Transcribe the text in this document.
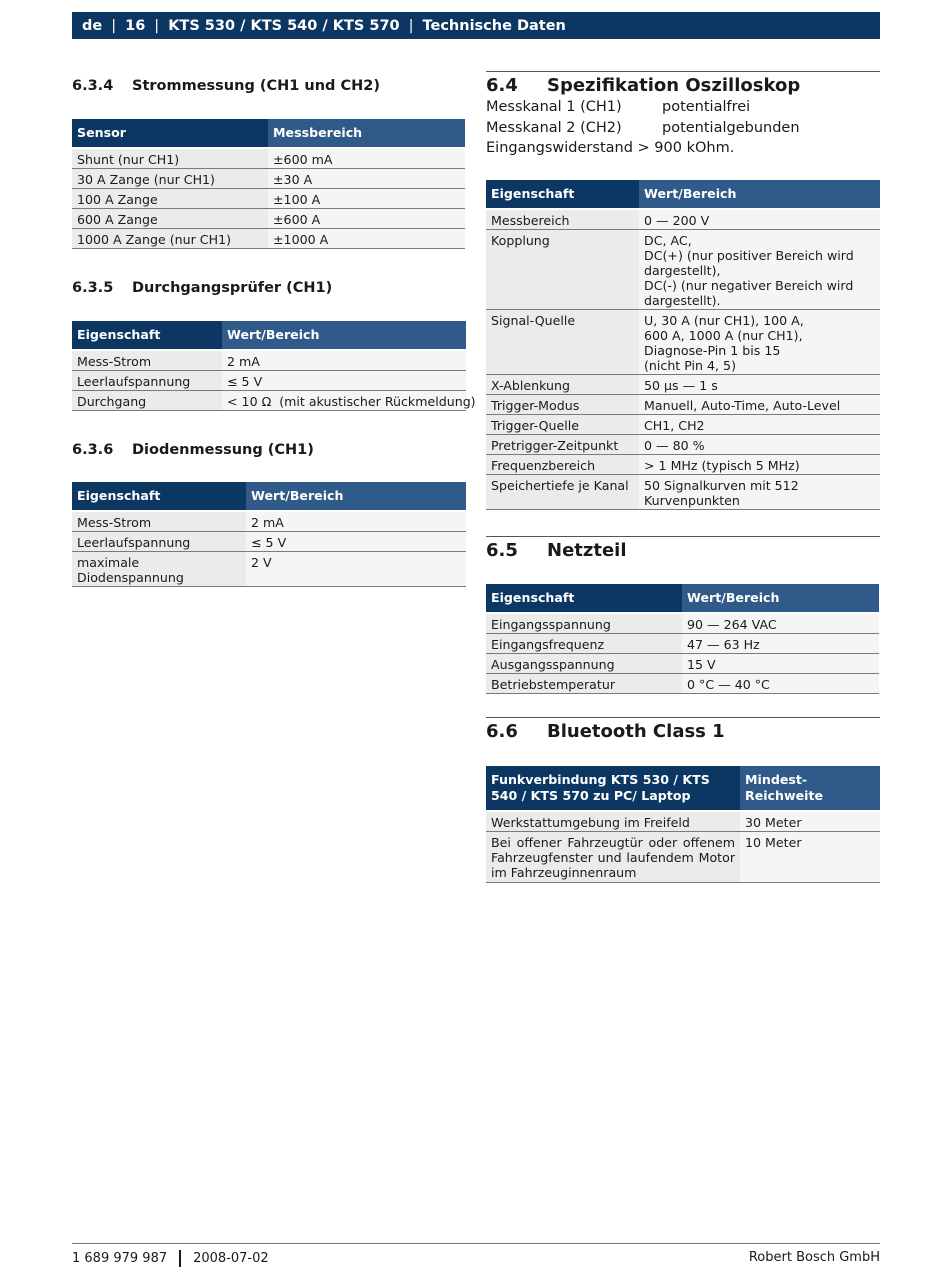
de | 16 | KTS 530 / KTS 540 / KTS 570 | Technische Daten
6.3.4 Strommessung (CH1 und CH2)
Sensor	Messbereich
Shunt (nur CH1)	±600 mA
30 A Zange (nur CH1)	±30 A
100 A Zange	±100 A
600 A Zange	±600 A
1000 A Zange (nur CH1)	±1000 A
6.3.5 Durchgangsprüfer (CH1)
Eigenschaft	Wert/Bereich
Mess-Strom	2 mA
Leerlaufspannung	≤ 5 V
Durchgang	< 10 Ω  (mit akustischer Rückmeldung)
6.3.6 Diodenmessung (CH1)
Eigenschaft	Wert/Bereich
Mess-Strom	2 mA
Leerlaufspannung	≤ 5 V
maximale Diodenspannung	2 V
6.4 Spezifikation Oszilloskop
Messkanal 1 (CH1)	potentialfrei
Messkanal 2 (CH2)	potentialgebunden
Eingangswiderstand > 900 kOhm.
Eigenschaft	Wert/Bereich
Messbereich	0 — 200 V

Kopplung	DC, AC,
DC(+) (nur positiver Bereich wird dargestellt),
DC(-) (nur negativer Bereich wird dargestellt).

Signal-Quelle	U, 30 A (nur CH1), 100 A,
600 A, 1000 A (nur CH1),
Diagnose-Pin 1 bis 15
(nicht Pin 4, 5)

X-Ablenkung	50 µs — 1 s

Trigger-Modus	Manuell, Auto-Time, Auto-Level

Trigger-Quelle	CH1, CH2

Pretrigger-Zeitpunkt	0 — 80 %

Frequenzbereich	> 1 MHz (typisch 5 MHz)

Speichertiefe je Kanal	50 Signalkurven mit 512 Kurvenpunkten
6.5 Netzteil
Eigenschaft	Wert/Bereich
Eingangsspannung	90 — 264 VAC
Eingangsfrequenz	47 — 63 Hz
Ausgangsspannung	15 V
Betriebstemperatur	0 °C — 40 °C
6.6 Bluetooth Class 1
Funkverbindung KTS 530 / KTS 540 / KTS 570 zu PC/ Laptop	Mindest-Reichweite
Werkstattumgebung im Freifeld	30 Meter
Bei offener Fahrzeugtür oder offenem Fahrzeugfenster und laufendem Motor im Fahrzeuginnenraum	10 Meter
1 689 979 987 2008-07-02	Robert Bosch GmbH
